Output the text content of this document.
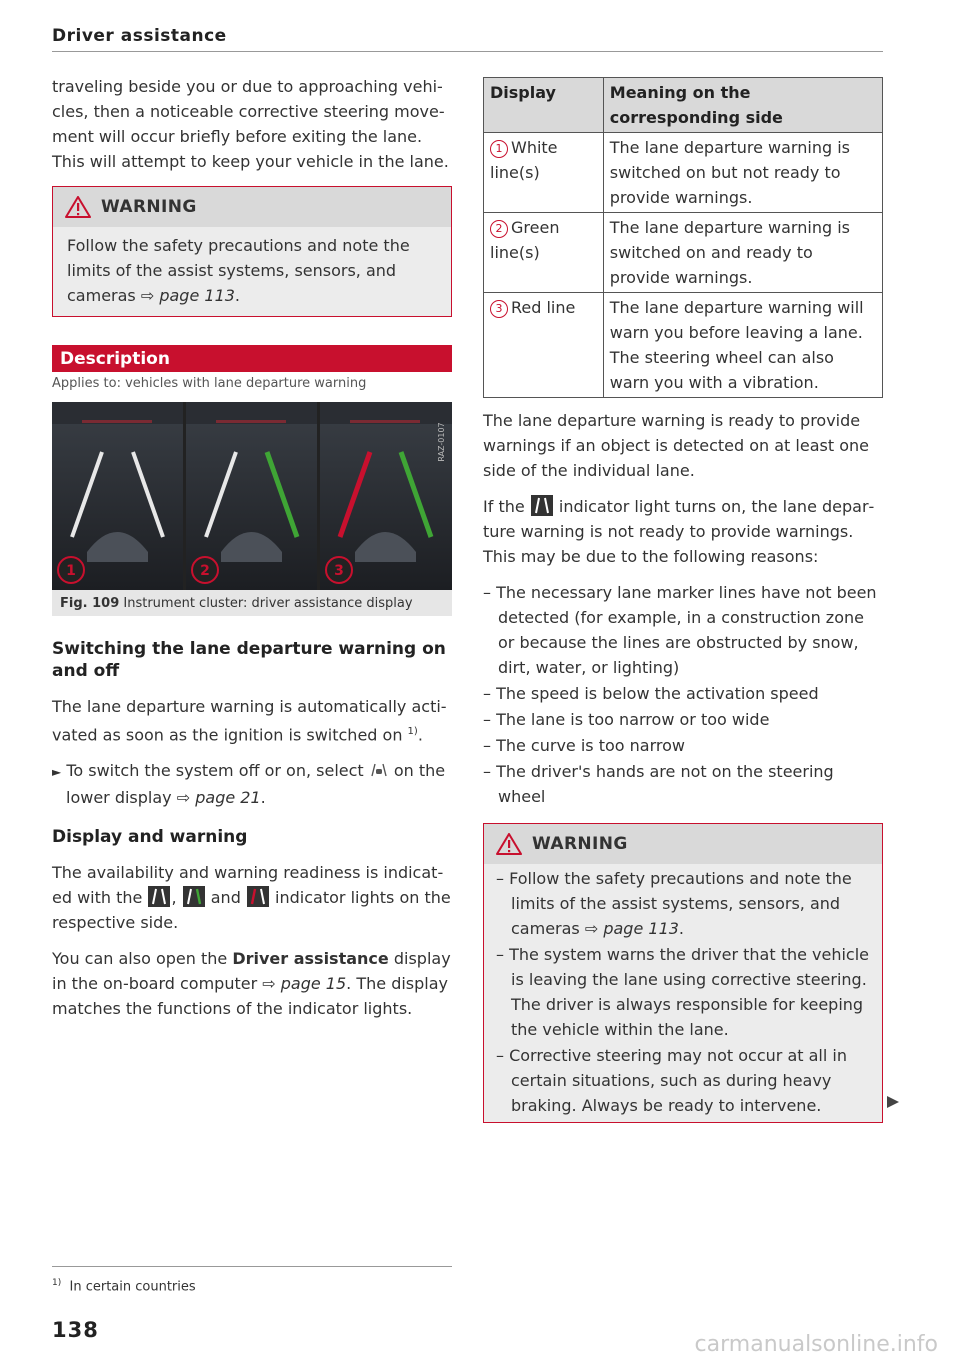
Driver assistance

traveling beside you or due to approaching vehicles, then a noticeable corrective steering movement will occur briefly before exiting the lane. This will attempt to keep your vehicle in the lane.

WARNING

Follow the safety precautions and note the limits of the assist systems, sensors, and cameras ⇨ page 113.

Description
Applies to: vehicles with lane departure warning
1	2	3
RAZ-0107
Fig. 109
Instrument cluster: driver assistance display
Switching the lane departure warning on and off

The lane departure warning is automatically activated as soon as the ignition is switched on $^{1)}$.

► To switch the system off or on, select on the lower display ⇨ page 21.

Display and warning

The availability and warning readiness is indicated with the , and indicator lights on the respective side.

You can also open the Driver assistance display in the on-board computer ⇨ page 15. The display matches the functions of the indicator lights.

Display	Meaning on the corresponding side
1 White line(s)	The lane departure warning is switched on but not ready to provide warnings.
2 Green line(s)	The lane departure warning is switched on and ready to provide warnings.
3 Red line	The lane departure warning will warn you before leaving a lane. The steering wheel can also warn you with a vibration.

The lane departure warning is ready to provide warnings if an object is detected on at least one side of the individual lane.

If the indicator light turns on, the lane departure warning is not ready to provide warnings. This may be due to the following reasons:

– The necessary lane marker lines have not been detected (for example, in a construction zone or because the lines are obstructed by snow, dirt, water, or lighting)
– The speed is below the activation speed
– The lane is too narrow or too wide
– The curve is too narrow
– The driver's hands are not on the steering wheel
WARNING
– Follow the safety precautions and note the limits of the assist systems, sensors, and cameras ⇨ page 113.
– The system warns the driver that the vehicle is leaving the lane using corrective steering. The driver is always responsible for keeping the vehicle within the lane.
– Corrective steering may not occur at all in certain situations, such as during heavy braking. Always be ready to intervene.
$^{1)}$ In certain countries
138
carmanualsonline.info
